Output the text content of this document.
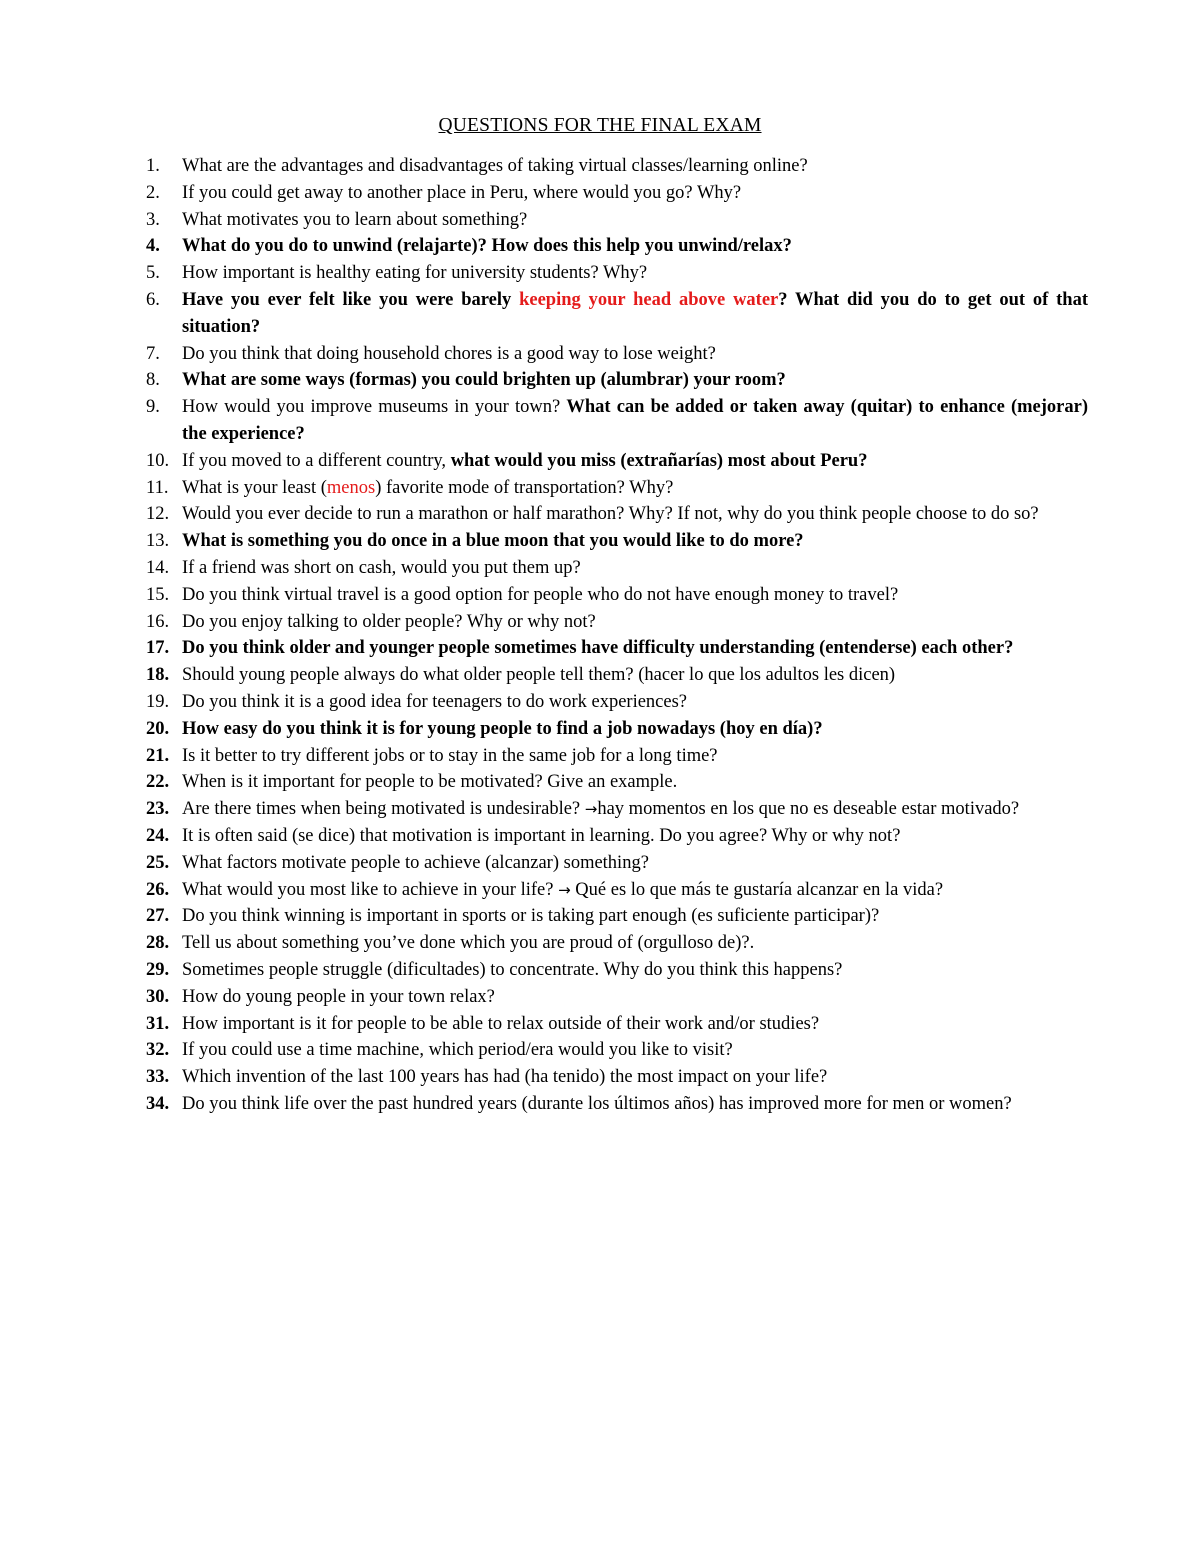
QUESTIONS FOR THE FINAL EXAM
1.	What are the advantages and disadvantages of taking virtual classes/learning online?
2.	If you could get away to another place in Peru, where would you go? Why?
3.	What motivates you to learn about something?
4.	What do you do to unwind (relajarte)? How does this help you unwind/relax?
5.	How important is healthy eating for university students? Why?
6.	Have you ever felt like you were barely keeping your head above water? What did you do to get out of that situation?
7.	Do you think that doing household chores is a good way to lose weight?
8.	What are some ways (formas) you could brighten up (alumbrar) your room?
9.	How would you improve museums in your town? What can be added or taken away (quitar) to enhance (mejorar) the experience?
10. If you moved to a different country, what would you miss (extrañarías) most about Peru?
11. What is your least (menos) favorite mode of transportation? Why?
12. Would you ever decide to run a marathon or half marathon? Why? If not, why do you think people choose to do so?
13. What is something you do once in a blue moon that you would like to do more?
14. If a friend was short on cash, would you put them up?
15. Do you think virtual travel is a good option for people who do not have enough money to travel?
16. Do you enjoy talking to older people? Why or why not?
17. Do you think older and younger people sometimes have difficulty understanding (entenderse) each other?
18. Should young people always do what older people tell them? (hacer lo que los adultos les dicen)
19. Do you think it is a good idea for teenagers to do work experiences?
20. How easy do you think it is for young people to find a job nowadays (hoy en día)?
21. Is it better to try different jobs or to stay in the same job for a long time?
22. When is it important for people to be motivated? Give an example.
23. Are there times when being motivated is undesirable? →hay momentos en los que no es deseable estar motivado?
24. It is often said (se dice) that motivation is important in learning. Do you agree? Why or why not?
25. What factors motivate people to achieve (alcanzar) something?
26. What would you most like to achieve in your life? → Qué es lo que más te gustaría alcanzar en la vida?
27. Do you think winning is important in sports or is taking part enough (es suficiente participar)?
28. Tell us about something you’ve done which you are proud of (orgulloso de)?.
29. Sometimes people struggle (dificultades) to concentrate. Why do you think this happens?
30. How do young people in your town relax?
31. How important is it for people to be able to relax outside of their work and/or studies?
32. If you could use a time machine, which period/era would you like to visit?
33. Which invention of the last 100 years has had (ha tenido) the most impact on your life?
34. Do you think life over the past hundred years (durante los últimos años) has improved more for men or women?
